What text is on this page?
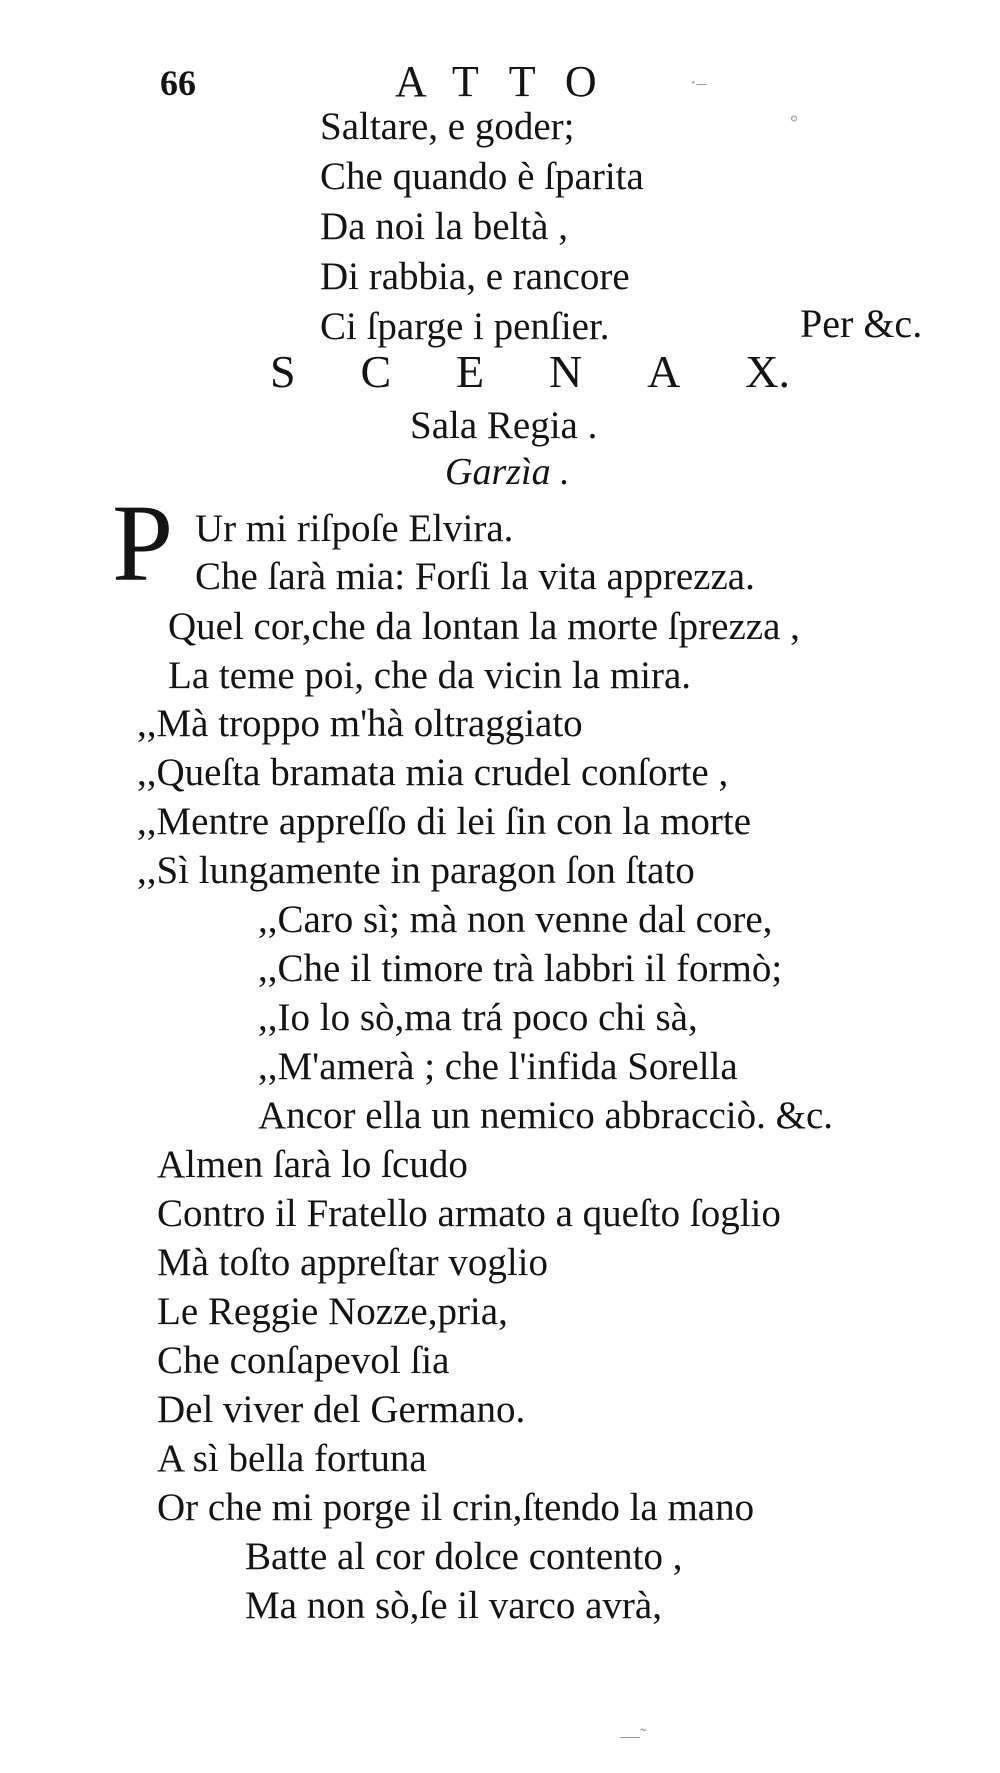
66	ATTO
Saltare, e goder;
Che quando è ſparita
Da noi la beltà ,
Di rabbia, e rancore
Ci ſparge i penſier.	Per &c.
S C E N A X.
Sala Regia .
Garzìa .
P Ur mi riſpoſe Elvira.
Che ſarà mia: Forſi la vita apprezza.
Quel cor,che da lontan la morte ſprezza ,
La teme poi, che da vicin la mira.
,,Mà troppo m'hà oltraggiato
,,Queſta bramata mia crudel conſorte ,
,,Mentre appreſſo di lei ſin con la morte
,,Sì lungamente in paragon ſon ſtato
,,Caro sì; mà non venne dal core,
,,Che il timore trà labbri il formò;
,,Io lo sò,ma trá poco chi sà,
,,M'amerà ; che l'infida Sorella
Ancor ella un nemico abbracciò. &c.
Almen ſarà lo ſcudo
Contro il Fratello armato a queſto ſoglio
Mà toſto appreſtar voglio
Le Reggie Nozze,pria,
Che conſapevol ſia
Del viver del Germano.
A sì bella fortuna
Or che mi porge il crin,ſtendo la mano
Batte al cor dolce contento ,
Ma non sò,ſe il varco avrà,
·–
°
—˜
